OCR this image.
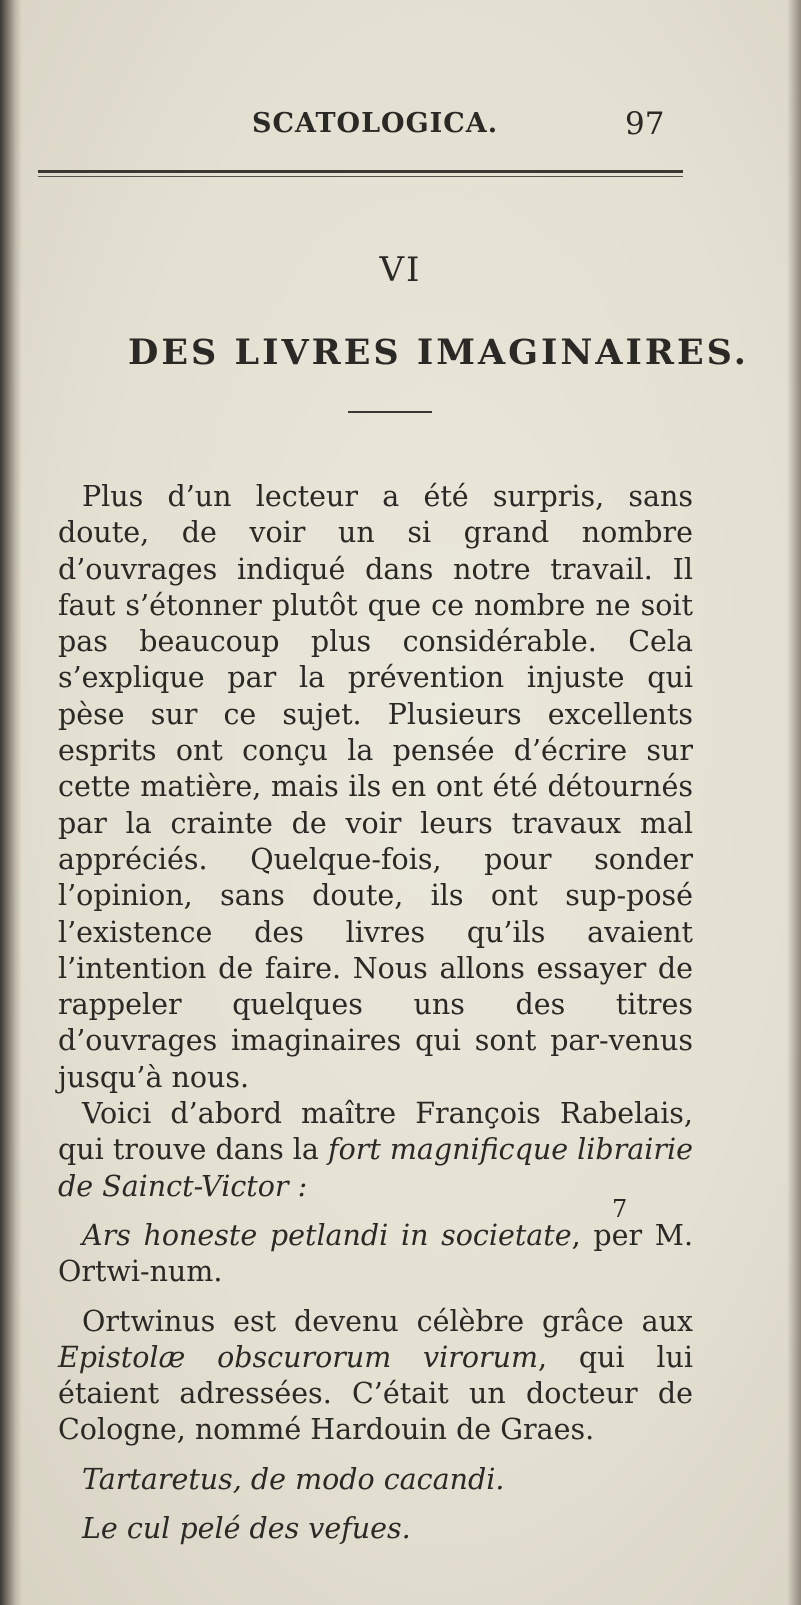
SCATOLOGICA.	97
VI
DES LIVRES IMAGINAIRES.

Plus d’un lecteur a été surpris, sans doute, de voir un si grand nombre d’ouvrages indiqué dans notre travail. Il faut s’étonner plutôt que ce nombre ne soit pas beaucoup plus considérable. Cela s’explique par la prévention injuste qui pèse sur ce sujet. Plusieurs excellents esprits ont conçu la pensée d’écrire sur cette matière, mais ils en ont été détournés par la crainte de voir leurs travaux mal appréciés. Quelque-fois, pour sonder l’opinion, sans doute, ils ont sup-posé l’existence des livres qu’ils avaient l’intention de faire. Nous allons essayer de rappeler quelques uns des titres d’ouvrages imaginaires qui sont par-venus jusqu’à nous.

Voici d’abord maître François Rabelais, qui trouve dans la fort magnificque librairie de Sainct-Victor :

Ars honeste petlandi in societate, per M. Ortwi-num.

Ortwinus est devenu célèbre grâce aux Epistolæ obscurorum virorum, qui lui étaient adressées. C’était un docteur de Cologne, nommé Hardouin de Graes.

Tartaretus, de modo cacandi.

Le cul pelé des vefues.

7
